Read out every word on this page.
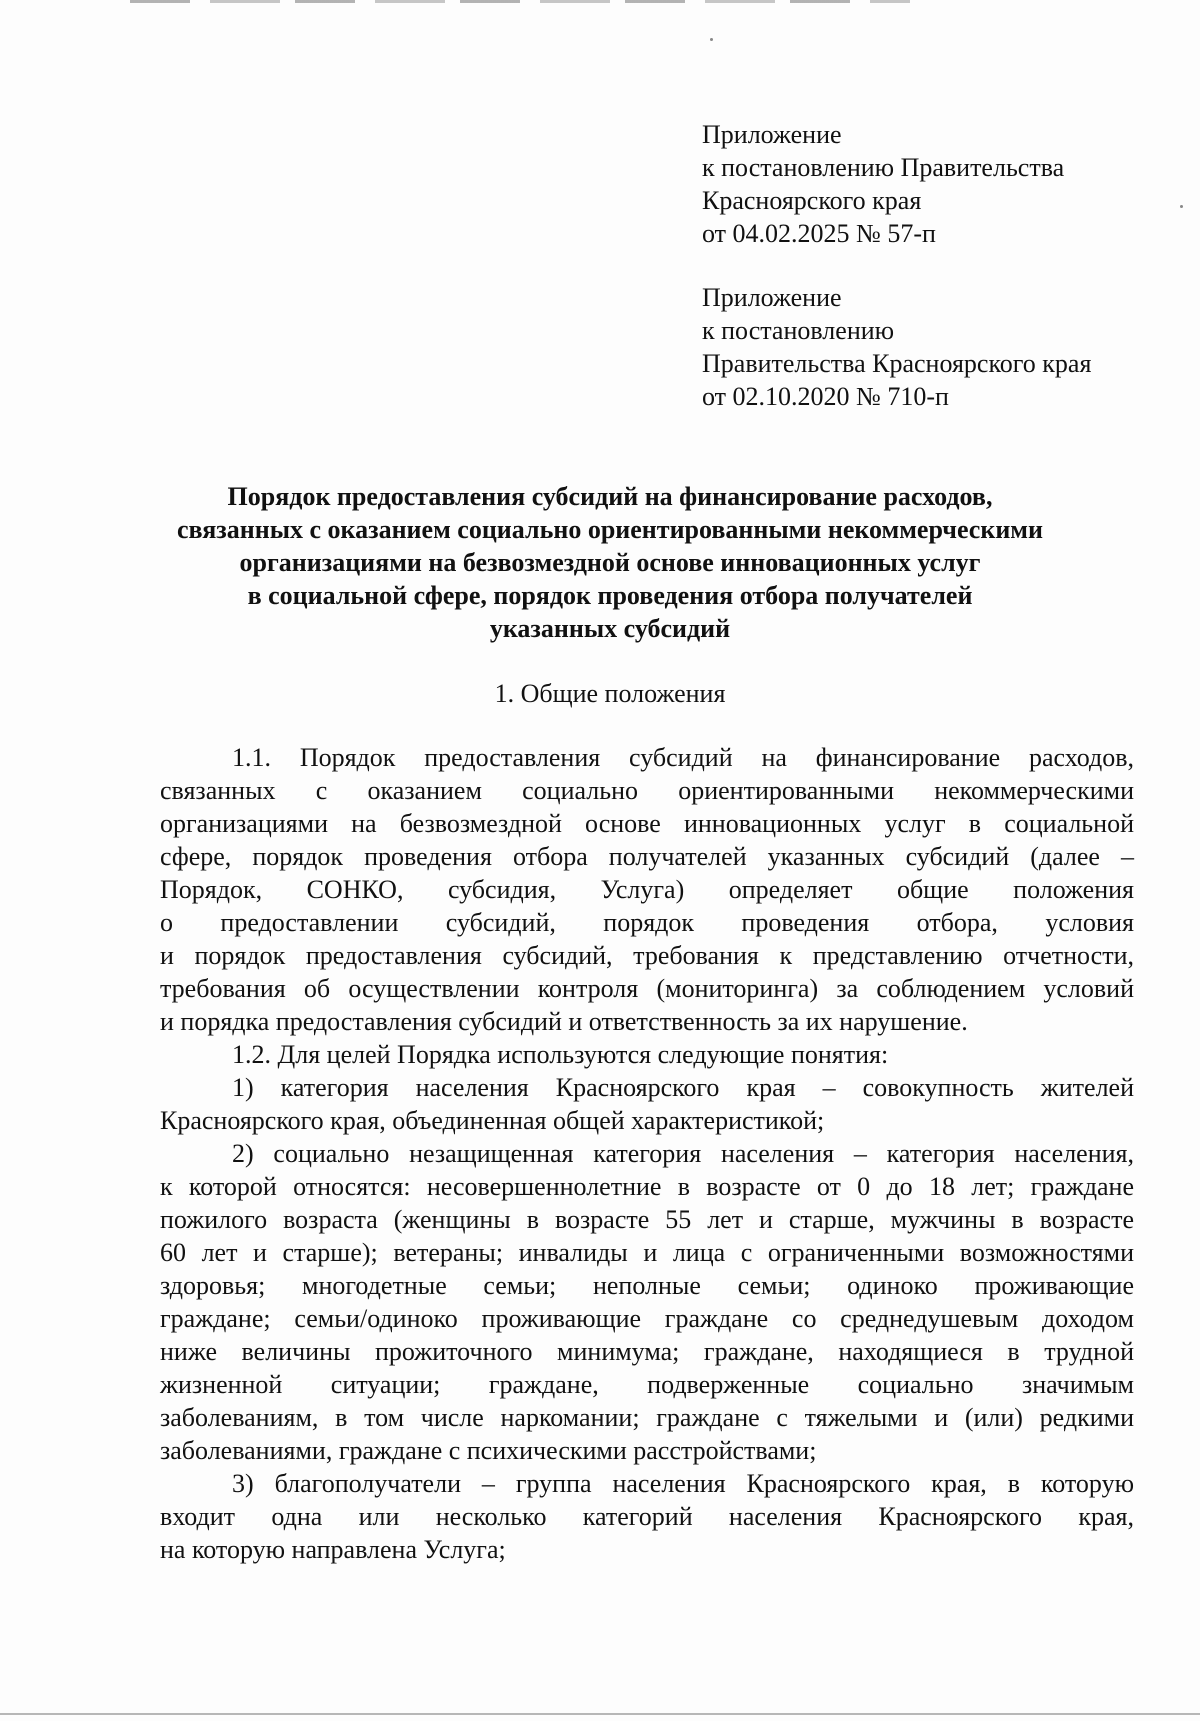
Приложение
к постановлению Правительства
Красноярского края
от 04.02.2025 № 57-п
Приложение
к постановлению
Правительства Красноярского края
от 02.10.2020 № 710-п
Порядок предоставления субсидий на финансирование расходов,
связанных с оказанием социально ориентированными некоммерческими
организациями на безвозмездной основе инновационных услуг
в социальной сфере, порядок проведения отбора получателей
указанных субсидий
1. Общие положения
1.1. Порядок предоставления субсидий на финансирование расходов,
связанных с оказанием социально ориентированными некоммерческими
организациями на безвозмездной основе инновационных услуг в социальной
сфере, порядок проведения отбора получателей указанных субсидий (далее –
Порядок, СОНКО, субсидия, Услуга) определяет общие положения
о предоставлении субсидий, порядок проведения отбора, условия
и порядок предоставления субсидий, требования к представлению отчетности,
требования об осуществлении контроля (мониторинга) за соблюдением условий
и порядка предоставления субсидий и ответственность за их нарушение.
1.2. Для целей Порядка используются следующие понятия:
1) категория населения Красноярского края – совокупность жителей
Красноярского края, объединенная общей характеристикой;
2) социально незащищенная категория населения – категория населения,
к которой относятся: несовершеннолетние в возрасте от 0 до 18 лет; граждане
пожилого возраста (женщины в возрасте 55 лет и старше, мужчины в возрасте
60 лет и старше); ветераны; инвалиды и лица с ограниченными возможностями
здоровья; многодетные семьи; неполные семьи; одиноко проживающие
граждане; семьи/одиноко проживающие граждане со среднедушевым доходом
ниже величины прожиточного минимума; граждане, находящиеся в трудной
жизненной ситуации; граждане, подверженные социально значимым
заболеваниям, в том числе наркомании; граждане с тяжелыми и (или) редкими
заболеваниями, граждане с психическими расстройствами;
3) благополучатели – группа населения Красноярского края, в которую
входит одна или несколько категорий населения Красноярского края,
на которую направлена Услуга;
